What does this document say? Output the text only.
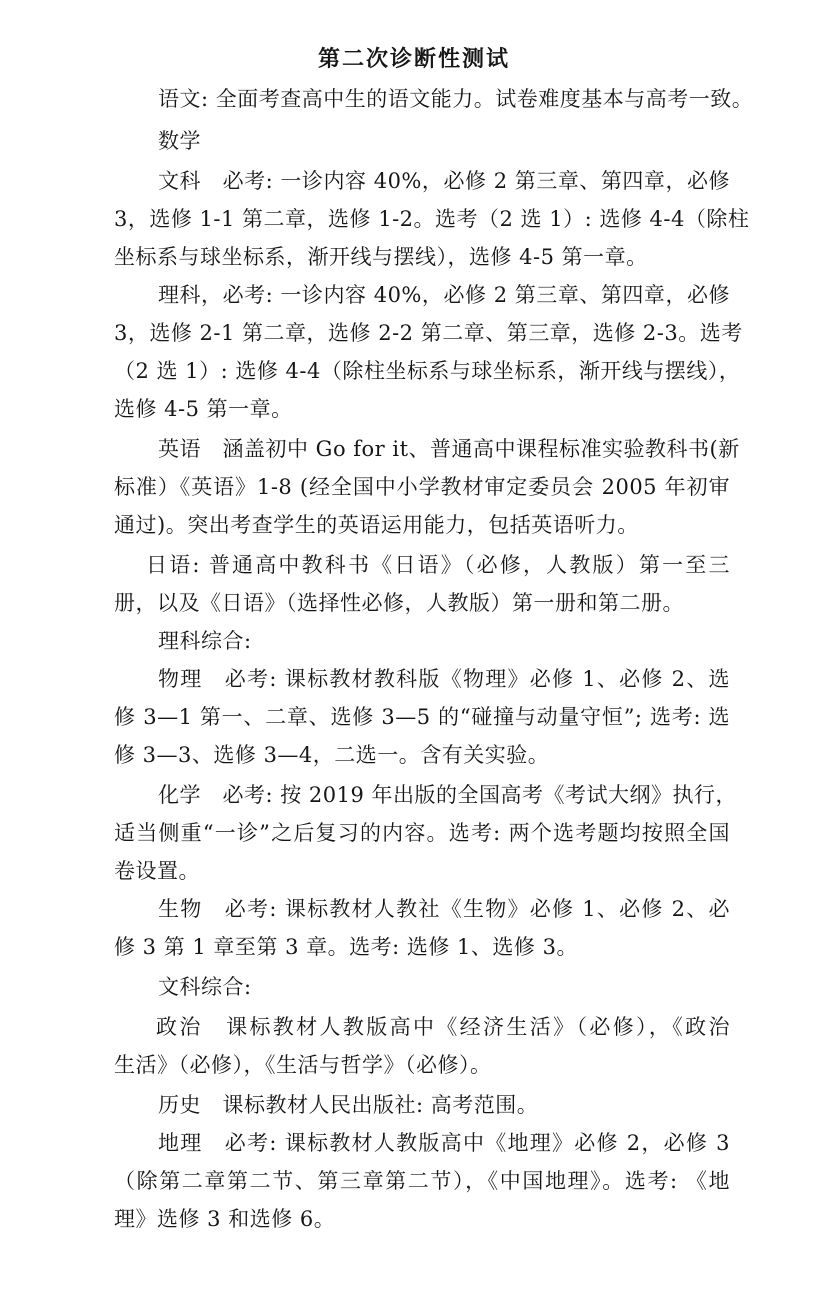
第二次诊断性测试
语文: 全面考查高中生的语文能力。试卷难度基本与高考一致。
数学
文科　必考: 一诊内容 40%，必修 2 第三章、第四章，必修
3，选修 1-1 第二章，选修 1-2。选考（2 选 1）: 选修 4-4（除柱
坐标系与球坐标系，渐开线与摆线），选修 4-5 第一章。
理科，必考: 一诊内容 40%，必修 2 第三章、第四章，必修
3，选修 2-1 第二章，选修 2-2 第二章、第三章，选修 2-3。选考
（2 选 1）: 选修 4-4（除柱坐标系与球坐标系，渐开线与摆线），
选修 4-5 第一章。
英语　涵盖初中 Go for it、普通高中课程标准实验教科书(新
标准）《英语》1-8 (经全国中小学教材审定委员会 2005 年初审
通过)。突出考查学生的英语运用能力，包括英语听力。
日语: 普通高中教科书《日语》（必修，人教版）第一至三
册，以及《日语》（选择性必修，人教版）第一册和第二册。
理科综合:
物理　必考: 课标教材教科版《物理》必修 1、必修 2、选
修 3—1 第一、二章、选修 3—5 的“碰撞与动量守恒”; 选考: 选
修 3—3、选修 3—4，二选一。含有关实验。
化学　必考: 按 2019 年出版的全国高考《考试大纲》执行，
适当侧重“一诊”之后复习的内容。选考: 两个选考题均按照全国
卷设置。
生物　必考: 课标教材人教社《生物》必修 1、必修 2、必
修 3 第 1 章至第 3 章。选考: 选修 1、选修 3。
文科综合:
政治　课标教材人教版高中《经济生活》（必修），《政治
生活》（必修），《生活与哲学》（必修）。
历史　课标教材人民出版社: 高考范围。
地理　必考: 课标教材人教版高中《地理》必修 2，必修 3
（除第二章第二节、第三章第二节），《中国地理》。选考: 《地
理》选修 3 和选修 6。
